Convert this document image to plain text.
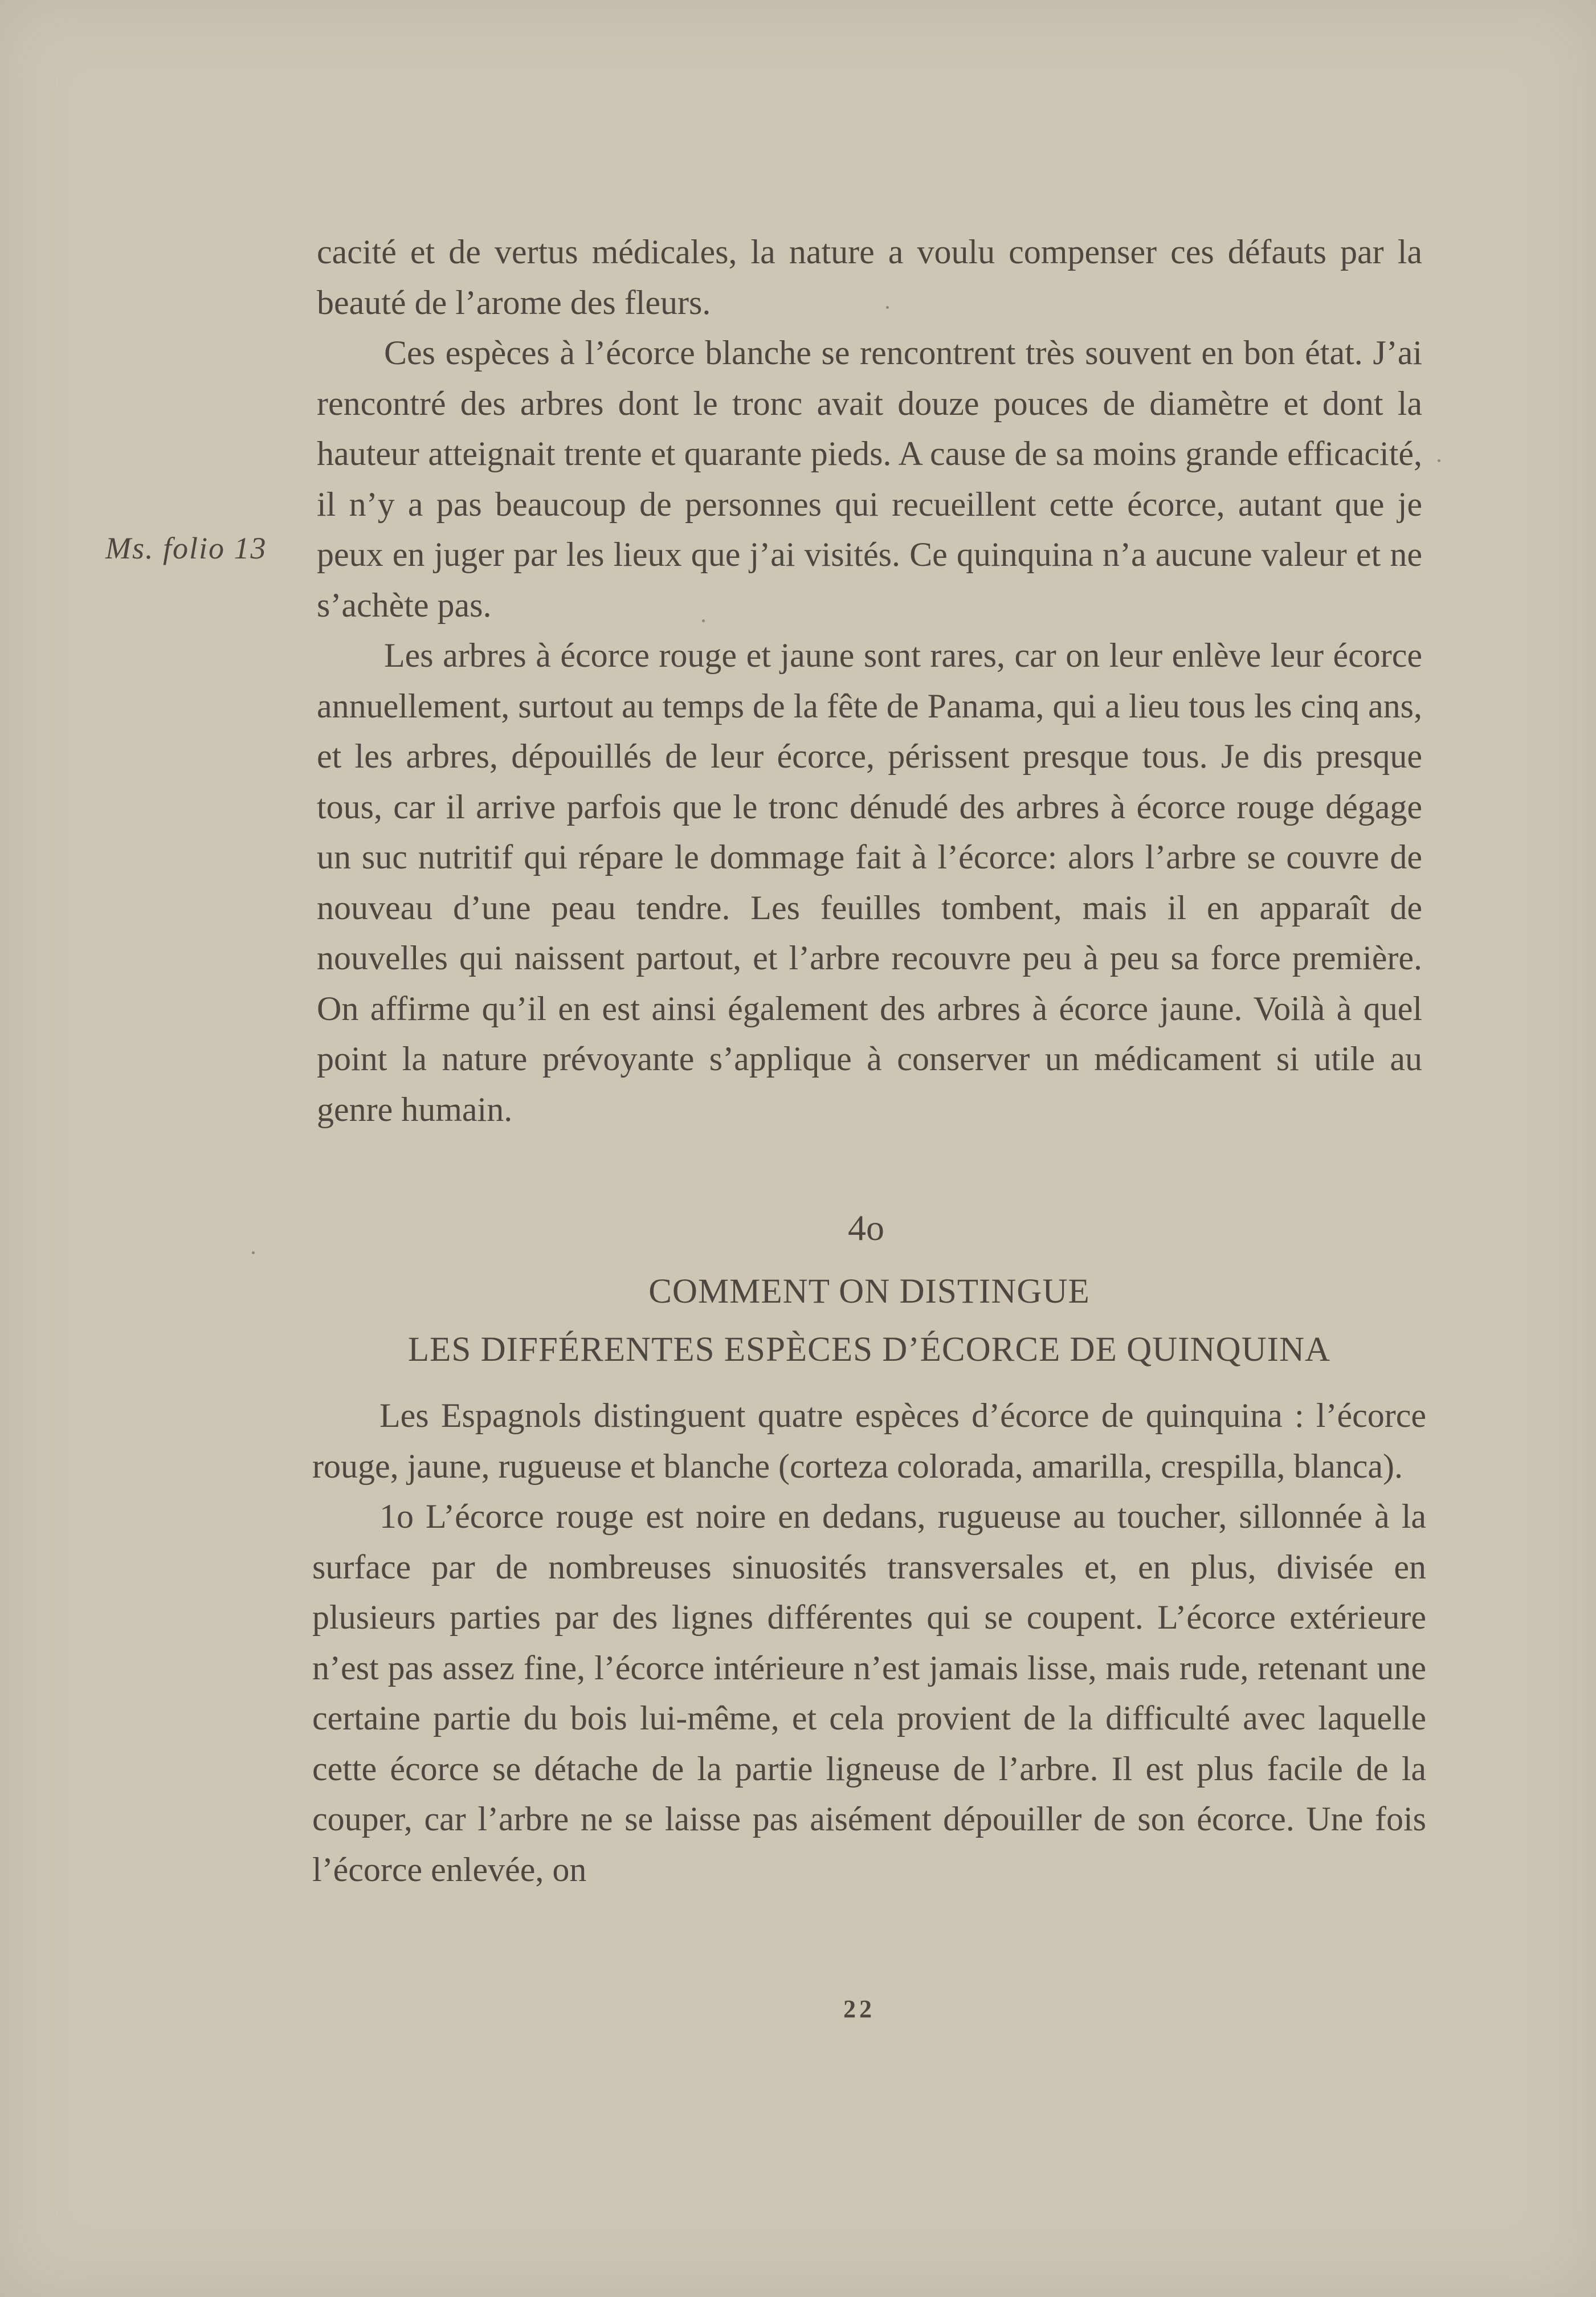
Ms. folio 13

cacité et de vertus médicales, la nature a voulu compenser ces défauts par la beauté de l’arome des fleurs.

Ces espèces à l’écorce blanche se rencontrent très souvent en bon état. J’ai rencontré des arbres dont le tronc avait douze pouces de diamètre et dont la hauteur atteignait trente et quarante pieds. A cause de sa moins grande efficacité, il n’y a pas beaucoup de personnes qui recueillent cette écorce, autant que je peux en juger par les lieux que j’ai visités. Ce quinquina n’a aucune valeur et ne s’achète pas.

Les arbres à écorce rouge et jaune sont rares, car on leur enlève leur écorce annuellement, surtout au temps de la fête de Panama, qui a lieu tous les cinq ans, et les arbres, dépouillés de leur écorce, périssent presque tous. Je dis presque tous, car il arrive parfois que le tronc dénudé des arbres à écorce rouge dégage un suc nutritif qui répare le dommage fait à l’écorce: alors l’arbre se couvre de nouveau d’une peau tendre. Les feuilles tombent, mais il en apparaît de nouvelles qui naissent partout, et l’arbre recouvre peu à peu sa force première. On affirme qu’il en est ainsi également des arbres à écorce jaune. Voilà à quel point la nature prévoyante s’applique à conserver un médicament si utile au genre humain.

4o
COMMENT ON DISTINGUE
LES DIFFÉRENTES ESPÈCES D’ÉCORCE DE QUINQUINA

Les Espagnols distinguent quatre espèces d’écorce de quinquina : l’écorce rouge, jaune, rugueuse et blanche (corteza colorada, amarilla, crespilla, blanca).

1o L’écorce rouge est noire en dedans, rugueuse au toucher, sillonnée à la surface par de nombreuses sinuosités transversales et, en plus, divisée en plusieurs parties par des lignes différentes qui se coupent. L’écorce extérieure n’est pas assez fine, l’écorce intérieure n’est jamais lisse, mais rude, retenant une certaine partie du bois lui-même, et cela provient de la difficulté avec laquelle cette écorce se détache de la partie ligneuse de l’arbre. Il est plus facile de la couper, car l’arbre ne se laisse pas aisément dépouiller de son écorce. Une fois l’écorce enlevée, on

22
